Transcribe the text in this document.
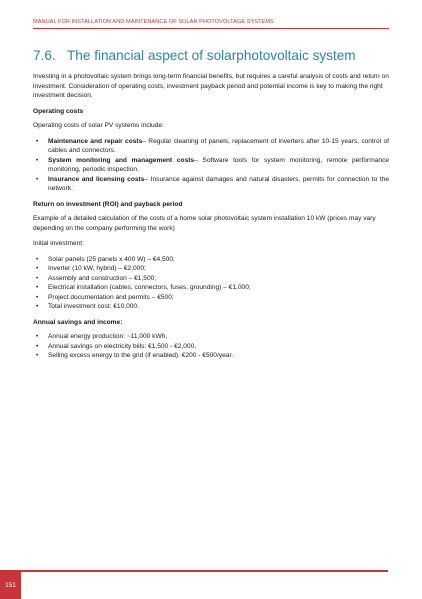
MANUAL FOR INSTALLATION AND MAINTENANCE OF SOLAR PHOTOVOLTAGE SYSTEMS
7.6. The financial aspect of solarphotovoltaic system

Investing in a photovoltaic system brings long-term financial benefits, but requires a careful analysis of costs and return on investment. Consideration of operating costs, investment payback period and potential income is key to making the right investment decision.

Operating costs

Operating costs of solar PV systems include:

• Maintenance and repair costs– Regular cleaning of panels, replacement of inverters after 10-15 years, control of cables and connectors.
• System monitoring and management costs– Software tools for system monitoring, remote performance monitoring, periodic inspection.
• Insurance and licensing costs– Insurance against damages and natural disasters, permits for connection to the network.

Return on investment (ROI) and payback period

Example of a detailed calculation of the costs of a home solar photovoltaic system installation 10 kW (prices may vary depending on the company performing the work)

Initial investment:

• Solar panels (25 panels x 400 W) – €4,500;
• Inverter (10 kW, hybrid) – €2,000;
• Assembly and construction – €1,500;
• Electrical installation (cables, connectors, fuses, grounding) – €1,000;
• Project documentation and permits – €500;
• Total investment cost: €10,000.

Annual savings and income:

• Annual energy production: ~11,000 kWh,
• Annual savings on electricity bills: €1,500 - €2,000,
• Selling excess energy to the grid (if enabled): €200 - €500/year.
151
